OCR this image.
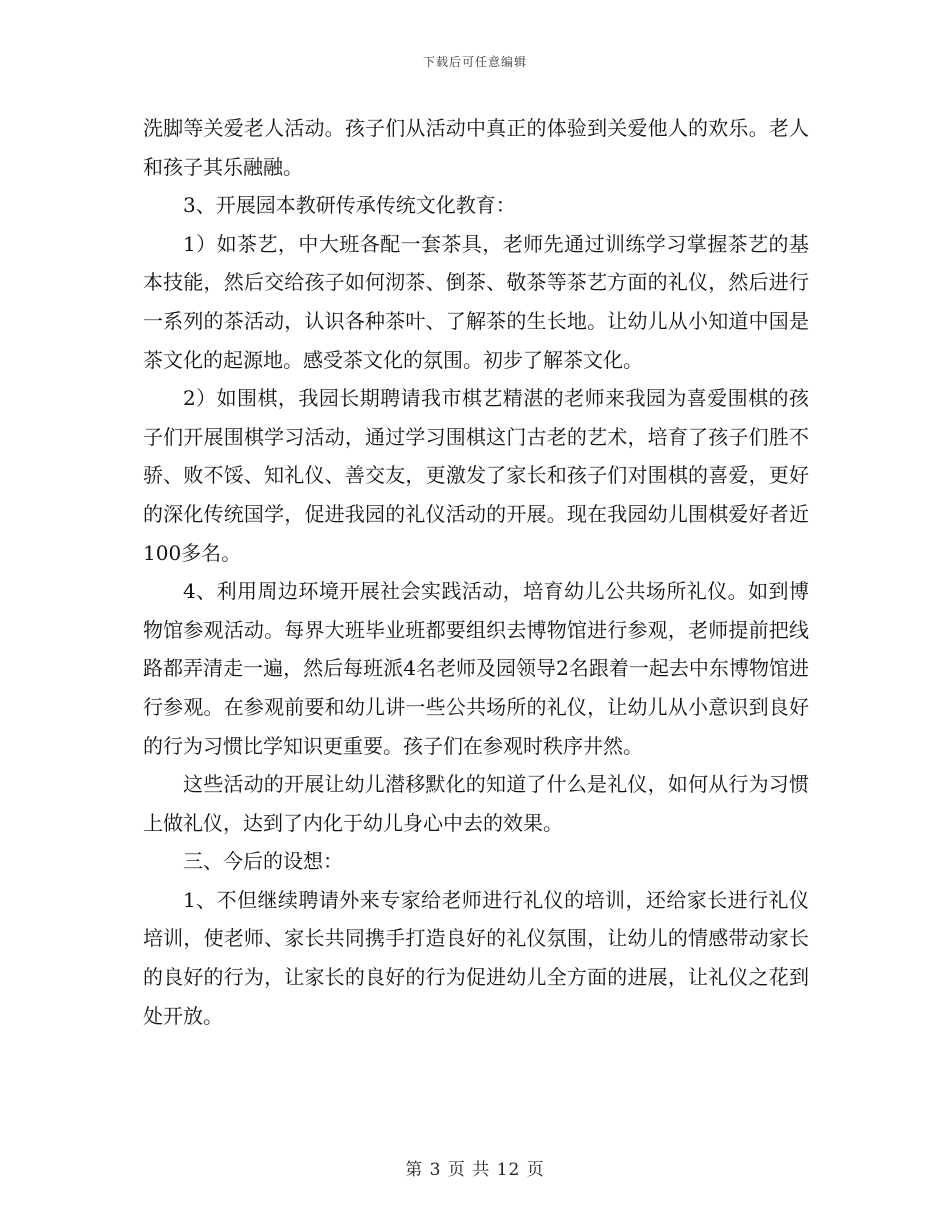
下载后可任意编辑

洗脚等关爱老人活动。孩子们从活动中真正的体验到关爱他人的欢乐。老人和孩子其乐融融。

3、开展园本教研传承传统文化教育：

1）如茶艺，中大班各配一套茶具，老师先通过训练学习掌握茶艺的基本技能，然后交给孩子如何沏茶、倒茶、敬茶等茶艺方面的礼仪，然后进行一系列的茶活动，认识各种茶叶、了解茶的生长地。让幼儿从小知道中国是茶文化的起源地。感受茶文化的氛围。初步了解茶文化。

2）如围棋，我园长期聘请我市棋艺精湛的老师来我园为喜爱围棋的孩子们开展围棋学习活动，通过学习围棋这门古老的艺术，培育了孩子们胜不骄、败不馁、知礼仪、善交友，更激发了家长和孩子们对围棋的喜爱，更好的深化传统国学，促进我园的礼仪活动的开展。现在我园幼儿围棋爱好者近100多名。

4、利用周边环境开展社会实践活动，培育幼儿公共场所礼仪。如到博物馆参观活动。每界大班毕业班都要组织去博物馆进行参观，老师提前把线路都弄清走一遍，然后每班派4名老师及园领导2名跟着一起去中东博物馆进行参观。在参观前要和幼儿讲一些公共场所的礼仪，让幼儿从小意识到良好的行为习惯比学知识更重要。孩子们在参观时秩序井然。

这些活动的开展让幼儿潜移默化的知道了什么是礼仪，如何从行为习惯上做礼仪，达到了内化于幼儿身心中去的效果。

三、今后的设想：

1、不但继续聘请外来专家给老师进行礼仪的培训，还给家长进行礼仪培训，使老师、家长共同携手打造良好的礼仪氛围，让幼儿的情感带动家长的良好的行为，让家长的良好的行为促进幼儿全方面的进展，让礼仪之花到处开放。

第 3 页 共 12 页
